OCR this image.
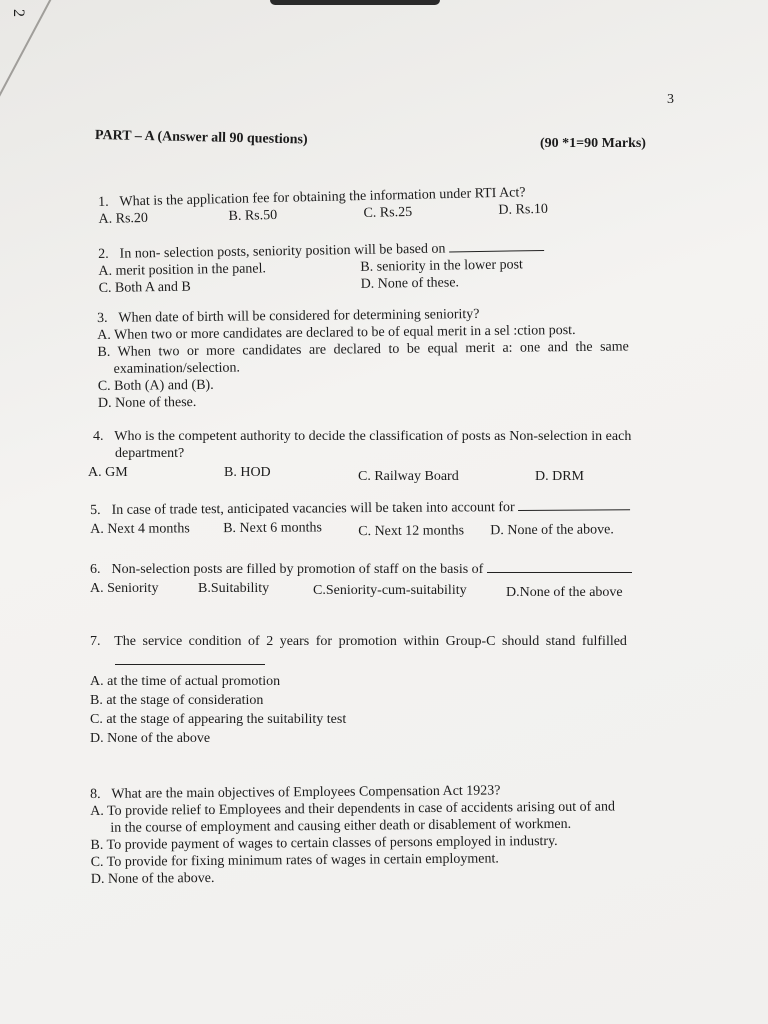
2
3
PART – A (Answer all 90 questions)	(90 *1=90 Marks)
1. What is the application fee for obtaining the information under RTI Act?
A. Rs.20	B. Rs.50	C. Rs.25	D. Rs.10
2. In non- selection posts, seniority position will be based on
A. merit position in the panel.	B. seniority in the lower post
C. Both A and B	D. None of these.
3. When date of birth will be considered for determining seniority?
A. When two or more candidates are declared to be of equal merit in a sel :ction post.
B. When two or more candidates are declared to be equal merit a: one and the same
examination/selection.
C. Both (A) and (B).
D. None of these.
4. Who is the competent authority to decide the classification of posts as Non-selection in each
department?
A. GM	B. HOD	C. Railway Board	D. DRM
5. In case of trade test, anticipated vacancies will be taken into account for
A. Next 4 months B. Next 6 months	C. Next 12 months D. None of the above.
6. Non-selection posts are filled by promotion of staff on the basis of
A. Seniority	B.Suitability	C.Seniority-cum-suitability	D.None of the above
7. The service condition of 2 years for promotion within Group-C should stand fulfilled
A. at the time of actual promotion
B. at the stage of consideration
C. at the stage of appearing the suitability test
D. None of the above
8. What are the main objectives of Employees Compensation Act 1923?
A. To provide relief to Employees and their dependents in case of accidents arising out of and
in the course of employment and causing either death or disablement of workmen.
B. To provide payment of wages to certain classes of persons employed in industry.
C. To provide for fixing minimum rates of wages in certain employment.
D. None of the above.
